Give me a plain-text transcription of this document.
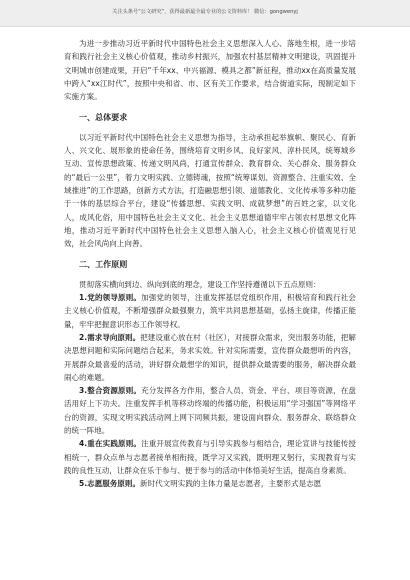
关注头条号“公文研究”，获得最新最全最专业的公文资料库！ 微信：gongwenyj

为进一步推动习近平新时代中国特色社会主义思想深入人心、落地生根，进一步培育和践行社会主义核心价值观，推动乡村振兴，加强农村基层精神文明建设，巩固提升文明城市创建成果，开启“千年xx、中兴福源、模具之都”新征程，推动xx在高质量发展中跨入“xx江时代”，按照中央和省、市、区有关工作要求，结合街道实际，现制定如下实施方案。

一、总体要求

以习近平新时代中国特色社会主义思想为指导，主动承担起举旗帜、聚民心、育新人、兴文化、展形象的使命任务，围绕培育文明乡风、良好家风、淳朴民风，统筹城乡互动、宣传思想政策、传递文明风尚，打通宣传群众、教育群众、关心群众、服务群众的“最后一公里”，着力文明实践、立德铸魂，按照“统筹谋划、资源整合、注重实效、全域推进”的工作思路，创新方式方法，打造融思想引领、道德教化、文化传承等多种功能于一体的基层综合平台，建设“传播思想、实践文明、成就梦想”的百姓之家，以文化人，成风化俗，用中国特色社会主义文化、社会主义思想道德牢牢占领农村思想文化阵地，推动习近平新时代中国特色社会主义思想入脑入心，社会主义核心价值观见行见效，社会风尚向上向善。

二、工作原则

贯彻落实横向到边、纵向到底的理念，建设工作坚持遵循以下五点原则：

1.党的领导原则。加强党的领导，注重发挥基层党组织作用，积极培育和践行社会主义核心价值观，不断增强群众最强聚力，筑牢共同思想基础，弘扬主旋律，传播正能量，牢牢把握意识形态工作领导权。

2.需求导向原则。把建设重心放在村（社区），对接群众需求，突出服务功能，把解决思想问题和实际问题结合起来，务求实效。针对实际需要，宣传群众最想听的内容，开展群众最喜爱的活动，讲好群众最想学的知识，提供群众最需要的服务，解决群众最闹心的难题。

3.整合资源原则。充分发挥各方作用，整合人员、资金、平台、项目等资源，在盘活用好上下功夫。注重发挥手机等移动终端的传播功能，积极运用“学习强国”等网络平台的资源，实现文明实践活动网上网下同频共振，建设面向群众、服务群众、联络群众的统一阵地。

4.重在实践原则。注重开展宣传教育与引导实践参与相结合，理论宣讲与技能传授相统一，群众点单与志愿者接单相衔接，既学习又实践，既明理又躬行，实现教育与实践的良性互动，让群众在乐于参与、便于参与的活动中体悟美好生活，提高自身素质。

5.志愿服务原则。新时代文明实践的主体力量是志愿者，主要形式是志愿
